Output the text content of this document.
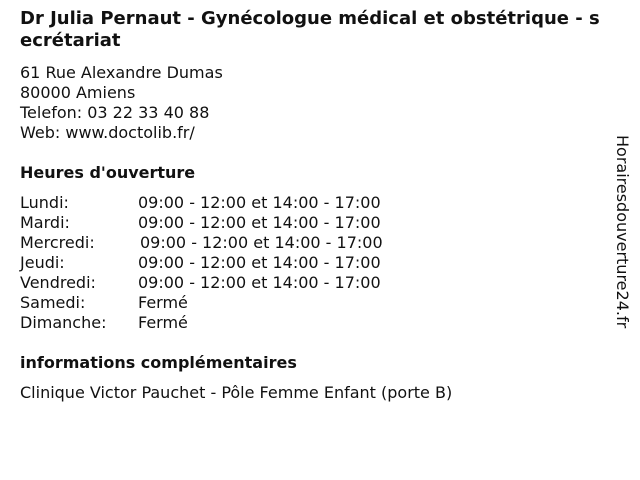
Dr Julia Pernaut - Gynécologue médical et obstétrique - secrétariat
61 Rue Alexandre Dumas
80000 Amiens
Telefon: 03 22 33 40 88
Web: www.doctolib.fr/
Heures d'ouverture
Lundi:	09:00 - 12:00 et 14:00 - 17:00
Mardi:	09:00 - 12:00 et 14:00 - 17:00
Mercredi:	09:00 - 12:00 et 14:00 - 17:00
Jeudi:	09:00 - 12:00 et 14:00 - 17:00
Vendredi:	09:00 - 12:00 et 14:00 - 17:00
Samedi:	Fermé
Dimanche:	Fermé
informations complémentaires
Clinique Victor Pauchet - Pôle Femme Enfant (porte B)
Horairesdouverture24.fr
